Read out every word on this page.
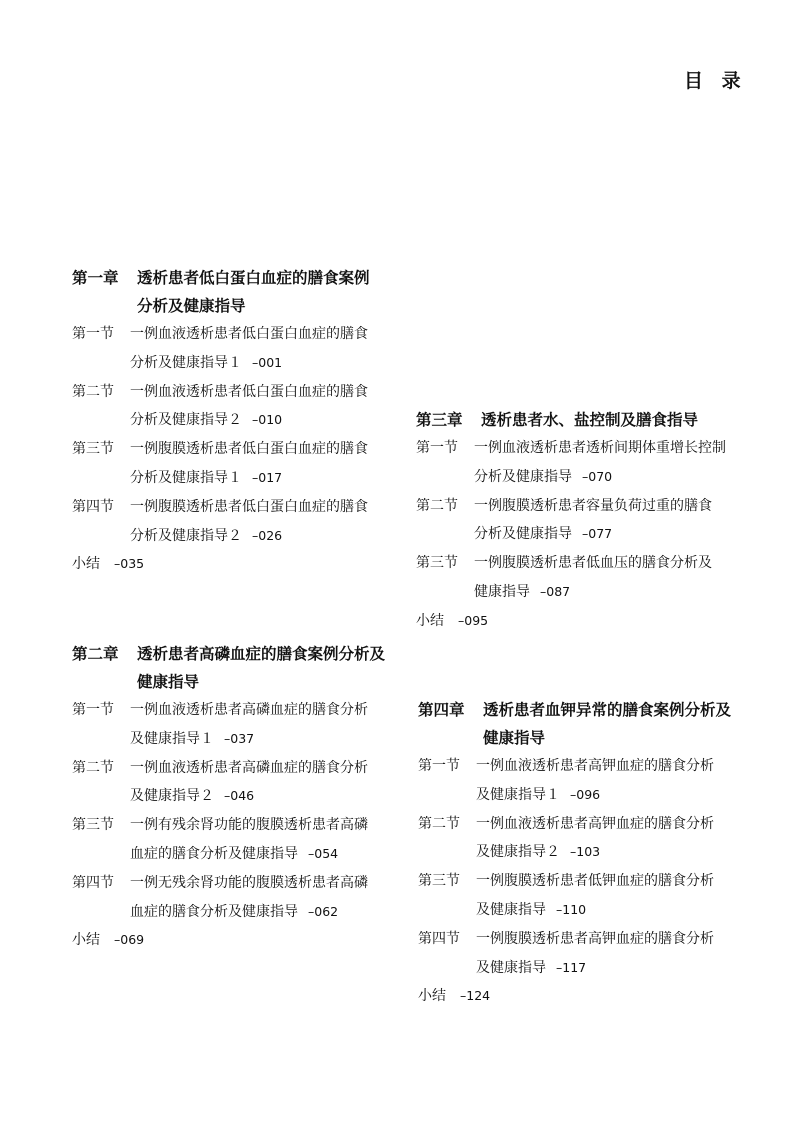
目 录
第一章 透析患者低白蛋白血症的膳食案例
分析及健康指导
第一节 一例血液透析患者低白蛋白血症的膳食
分析及健康指导１ –001
第二节 一例血液透析患者低白蛋白血症的膳食
分析及健康指导２ –010
第三节 一例腹膜透析患者低白蛋白血症的膳食
分析及健康指导１ –017
第四节 一例腹膜透析患者低白蛋白血症的膳食
分析及健康指导２ –026
小结 –035
第二章 透析患者高磷血症的膳食案例分析及
健康指导
第一节 一例血液透析患者高磷血症的膳食分析
及健康指导１ –037
第二节 一例血液透析患者高磷血症的膳食分析
及健康指导２ –046
第三节 一例有残余肾功能的腹膜透析患者高磷
血症的膳食分析及健康指导 –054
第四节 一例无残余肾功能的腹膜透析患者高磷
血症的膳食分析及健康指导 –062
小结 –069
第三章 透析患者水、盐控制及膳食指导
第一节 一例血液透析患者透析间期体重增长控制
分析及健康指导 –070
第二节 一例腹膜透析患者容量负荷过重的膳食
分析及健康指导 –077
第三节 一例腹膜透析患者低血压的膳食分析及
健康指导 –087
小结 –095
第四章 透析患者血钾异常的膳食案例分析及
健康指导
第一节 一例血液透析患者高钾血症的膳食分析
及健康指导１ –096
第二节 一例血液透析患者高钾血症的膳食分析
及健康指导２ –103
第三节 一例腹膜透析患者低钾血症的膳食分析
及健康指导 –110
第四节 一例腹膜透析患者高钾血症的膳食分析
及健康指导 –117
小结 –124
